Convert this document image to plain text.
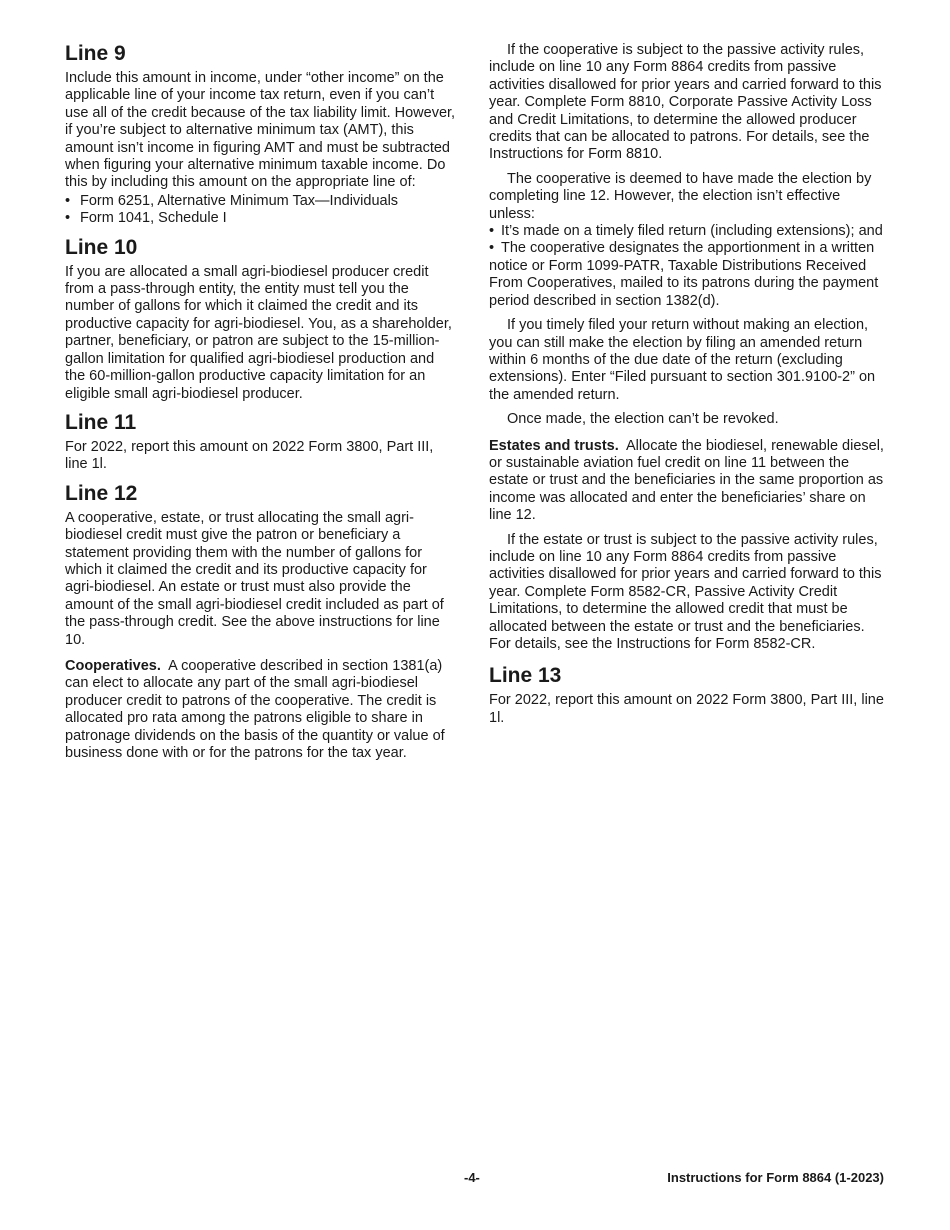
Line 9

Include this amount in income, under “other income” on the applicable line of your income tax return, even if you can’t use all of the credit because of the tax liability limit. However, if you’re subject to alternative minimum tax (AMT), this amount isn’t income in figuring AMT and must be subtracted when figuring your alternative minimum taxable income. Do this by including this amount on the appropriate line of:

• Form 6251, Alternative Minimum Tax—Individuals
• Form 1041, Schedule I
Line 10

If you are allocated a small agri-biodiesel producer credit from a pass-through entity, the entity must tell you the number of gallons for which it claimed the credit and its productive capacity for agri-biodiesel. You, as a shareholder, partner, beneficiary, or patron are subject to the 15-million-gallon limitation for qualified agri-biodiesel production and the 60-million-gallon productive capacity limitation for an eligible small agri-biodiesel producer.

Line 11

For 2022, report this amount on 2022 Form 3800, Part III, line 1l.

Line 12

A cooperative, estate, or trust allocating the small agri-biodiesel credit must give the patron or beneficiary a statement providing them with the number of gallons for which it claimed the credit and its productive capacity for agri-biodiesel. An estate or trust must also provide the amount of the small agri-biodiesel credit included as part of the pass-through credit. See the above instructions for line 10.

Cooperatives. A cooperative described in section 1381(a) can elect to allocate any part of the small agri-biodiesel producer credit to patrons of the cooperative. The credit is allocated pro rata among the patrons eligible to share in patronage dividends on the basis of the quantity or value of business done with or for the patrons for the tax year.

If the cooperative is subject to the passive activity rules, include on line 10 any Form 8864 credits from passive activities disallowed for prior years and carried forward to this year. Complete Form 8810, Corporate Passive Activity Loss and Credit Limitations, to determine the allowed producer credits that can be allocated to patrons. For details, see the Instructions for Form 8810.

The cooperative is deemed to have made the election by completing line 12. However, the election isn’t effective unless:

• It’s made on a timely filed return (including extensions); and
• The cooperative designates the apportionment in a written notice or Form 1099-PATR, Taxable Distributions Received From Cooperatives, mailed to its patrons during the payment period described in section 1382(d).

If you timely filed your return without making an election, you can still make the election by filing an amended return within 6 months of the due date of the return (excluding extensions). Enter “Filed pursuant to section 301.9100-2” on the amended return.

Once made, the election can’t be revoked.

Estates and trusts. Allocate the biodiesel, renewable diesel, or sustainable aviation fuel credit on line 11 between the estate or trust and the beneficiaries in the same proportion as income was allocated and enter the beneficiaries’ share on line 12.

If the estate or trust is subject to the passive activity rules, include on line 10 any Form 8864 credits from passive activities disallowed for prior years and carried forward to this year. Complete Form 8582-CR, Passive Activity Credit Limitations, to determine the allowed credit that must be allocated between the estate or trust and the beneficiaries. For details, see the Instructions for Form 8582-CR.

Line 13

For 2022, report this amount on 2022 Form 3800, Part III, line 1l.

-4-	Instructions for Form 8864 (1-2023)
